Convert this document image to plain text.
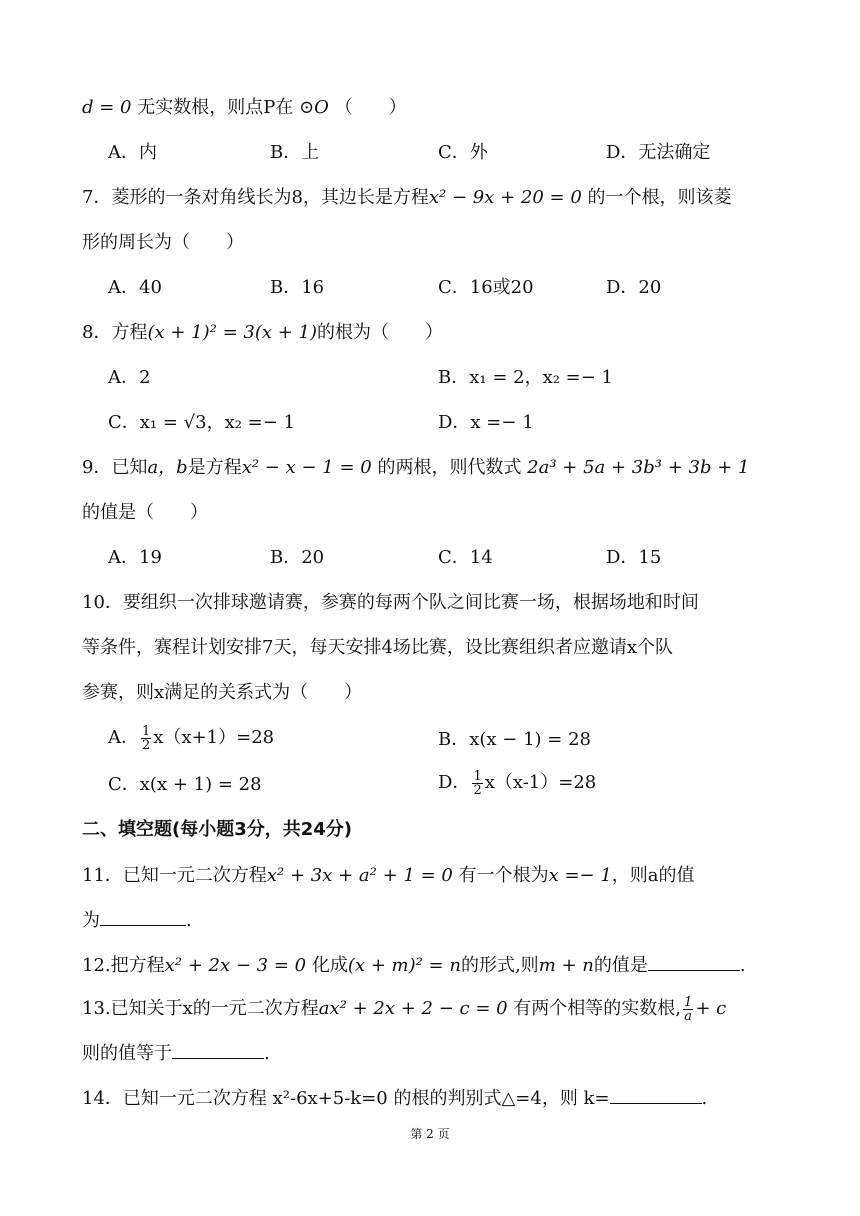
d = 0 无实数根，则点P在 ⊙O （　　）
A．内	B．上	C．外	D．无法确定
7．菱形的一条对角线长为8，其边长是方程x² − 9x + 20 = 0 的一个根，则该菱
形的周长为（　　）
A．40	B．16	C．16或20	D．20
8．方程(x + 1)² = 3(x + 1)的根为（　　）
A．2	B．x₁ = 2，x₂ =− 1
C．x₁ = √3，x₂ =− 1	D．x =− 1
9．已知a，b是方程x² − x − 1 = 0 的两根，则代数式 2a³ + 5a + 3b³ + 3b + 1
的值是（　　）
A．19	B．20	C．14	D．15
10．要组织一次排球邀请赛，参赛的每两个队之间比赛一场，根据场地和时间
等条件，赛程计划安排7天，每天安排4场比赛，设比赛组织者应邀请x个队
参赛，则x满足的关系式为（　　）
A． $\frac{1}{2} x(x+1)=28$	B．x(x − 1) = 28
C．x(x + 1) = 28	D． $\frac{1}{2} x(x-1)=28$
二、填空题(每小题3分，共24分)
11．已知一元二次方程x² + 3x + a² + 1 = 0 有一个根为x =− 1，则a的值
为	.
12.把方程x² + 2x − 3 = 0 化成(x + m)² = n的形式,则m + n的值是	.
13.已知关于x的一元二次方程ax² + 2x + 2 − c = 0 有两个相等的实数根, $\frac{1}{a} + c$
则的值等于	.
14．已知一元二次方程 x²-6x+5-k=0 的根的判别式△=4，则 k=	.
第 2 页
